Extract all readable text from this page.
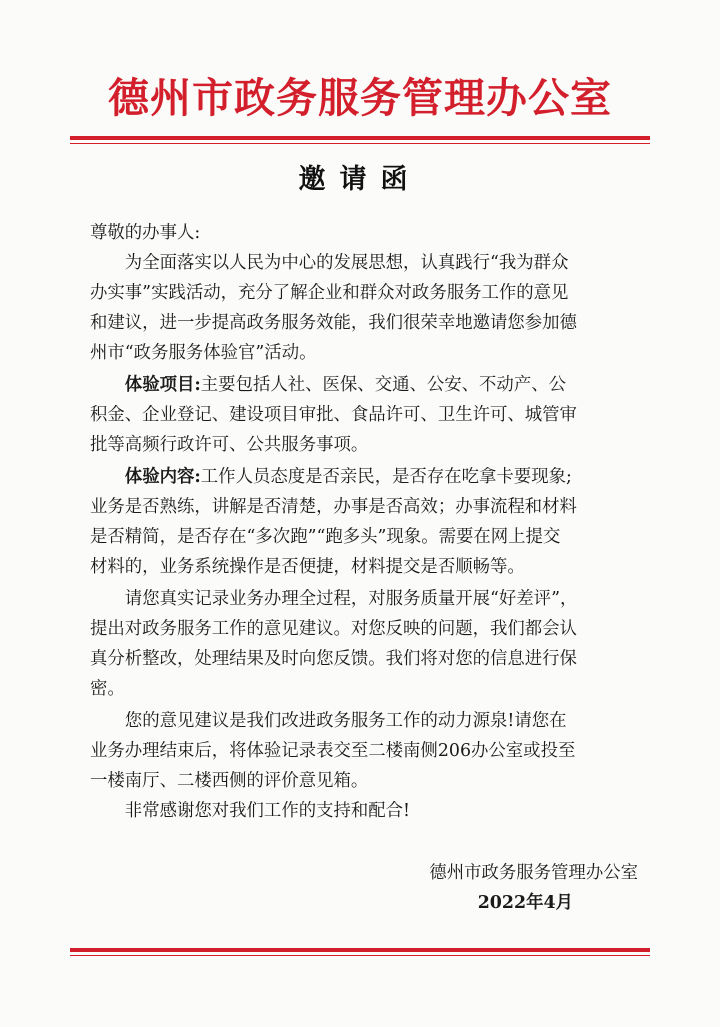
德州市政务服务管理办公室
邀请函

尊敬的办事人:

为全面落实以人民为中心的发展思想，认真践行“我为群众
办实事”实践活动，充分了解企业和群众对政务服务工作的意见
和建议，进一步提高政务服务效能，我们很荣幸地邀请您参加德
州市“政务服务体验官”活动。

体验项目:主要包括人社、医保、交通、公安、不动产、公
积金、企业登记、建设项目审批、食品许可、卫生许可、城管审
批等高频行政许可、公共服务事项。

体验内容:工作人员态度是否亲民，是否存在吃拿卡要现象;
业务是否熟练，讲解是否清楚，办事是否高效；办事流程和材料
是否精简，是否存在“多次跑”“跑多头”现象。需要在网上提交
材料的，业务系统操作是否便捷，材料提交是否顺畅等。

请您真实记录业务办理全过程，对服务质量开展“好差评”，
提出对政务服务工作的意见建议。对您反映的问题，我们都会认
真分析整改，处理结果及时向您反馈。我们将对您的信息进行保
密。

您的意见建议是我们改进政务服务工作的动力源泉!请您在
业务办理结束后，将体验记录表交至二楼南侧206办公室或投至
一楼南厅、二楼西侧的评价意见箱。

非常感谢您对我们工作的支持和配合!

德州市政务服务管理办公室
2022年4月
